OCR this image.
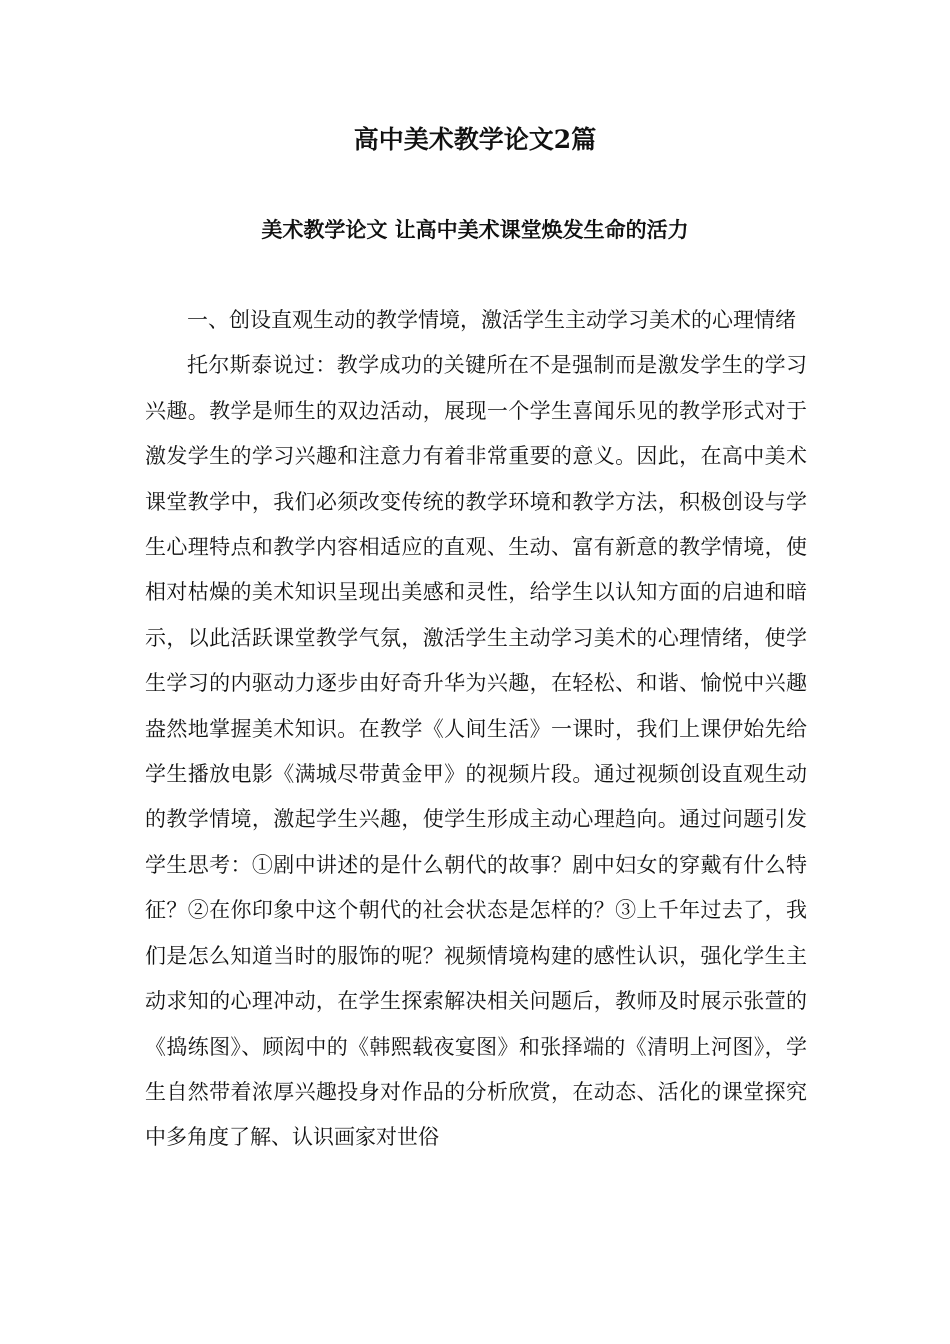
高中美术教学论文2篇
美术教学论文 让高中美术课堂焕发生命的活力

一、创设直观生动的教学情境，激活学生主动学习美术的心理情绪

托尔斯泰说过：教学成功的关键所在不是强制而是激发学生的学习兴趣。教学是师生的双边活动，展现一个学生喜闻乐见的教学形式对于激发学生的学习兴趣和注意力有着非常重要的意义。因此，在高中美术课堂教学中，我们必须改变传统的教学环境和教学方法，积极创设与学生心理特点和教学内容相适应的直观、生动、富有新意的教学情境，使相对枯燥的美术知识呈现出美感和灵性，给学生以认知方面的启迪和暗示，以此活跃课堂教学气氛，激活学生主动学习美术的心理情绪，使学生学习的内驱动力逐步由好奇升华为兴趣，在轻松、和谐、愉悦中兴趣盎然地掌握美术知识。在教学《人间生活》一课时，我们上课伊始先给学生播放电影《满城尽带黄金甲》的视频片段。通过视频创设直观生动的教学情境，激起学生兴趣，使学生形成主动心理趋向。通过问题引发学生思考：①剧中讲述的是什么朝代的故事？剧中妇女的穿戴有什么特征？②在你印象中这个朝代的社会状态是怎样的？③上千年过去了，我们是怎么知道当时的服饰的呢？视频情境构建的感性认识，强化学生主动求知的心理冲动，在学生探索解决相关问题后，教师及时展示张萱的《捣练图》、顾闳中的《韩熙载夜宴图》和张择端的《清明上河图》，学生自然带着浓厚兴趣投身对作品的分析欣赏，在动态、活化的课堂探究中多角度了解、认识画家对世俗
